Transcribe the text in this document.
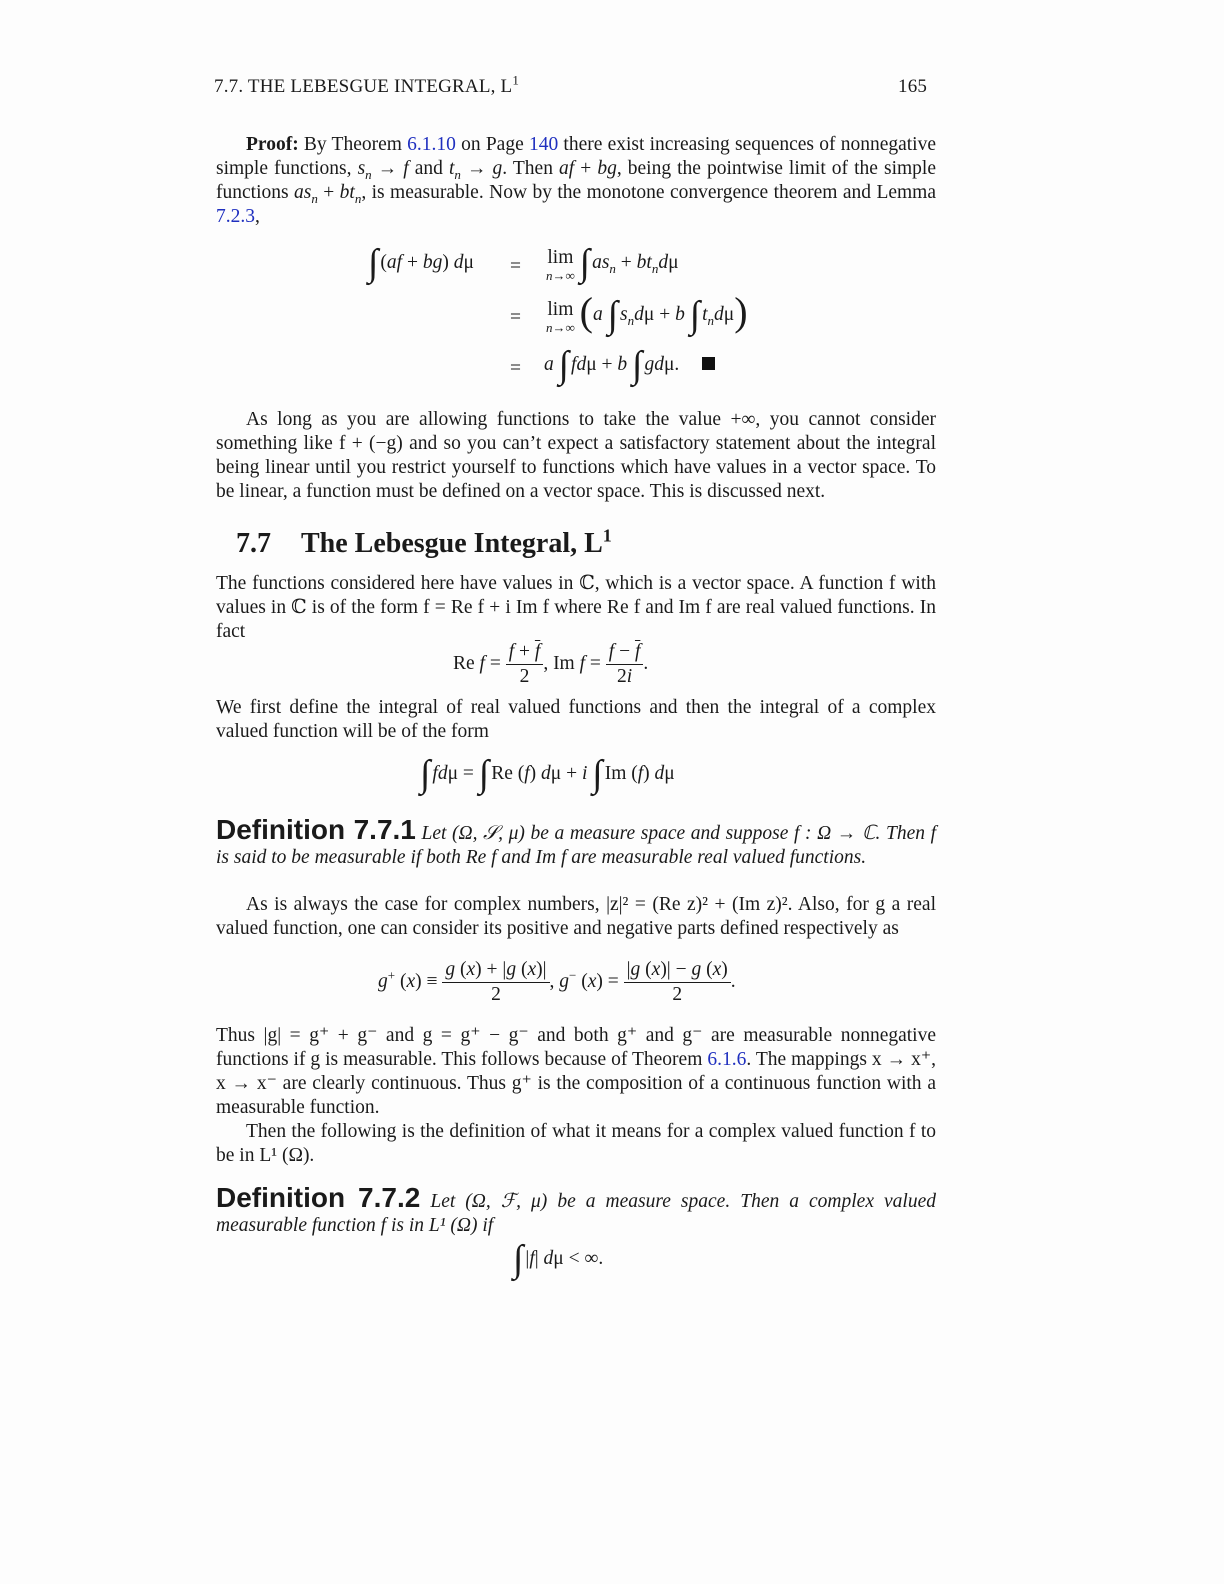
7.7. THE LEBESGUE INTEGRAL, $L^1$	165
Proof: By Theorem 6.1.10 on Page 140 there exist increasing sequences of nonnegative simple functions, $s_n \to f$ and $t_n \to g$. Then af + bg, being the pointwise limit of the simple functions $as_n + bt_n$, is measurable. Now by the monotone convergence theorem and Lemma 7.2.3,
∫ (af + bg) dμ = lim
n→∞ ∫ $as_n + bt_nd\mu$
= lim
n→∞ (a ∫ $s_nd\mu + b$ ∫ $t_nd\mu$)
= a ∫ fdμ + b ∫ gdμ.
As long as you are allowing functions to take the value +∞, you cannot consider something like f + (−g) and so you can’t expect a satisfactory statement about the integral being linear until you restrict yourself to functions which have values in a vector space. To be linear, a function must be defined on a vector space. This is discussed next.
7.7 The Lebesgue Integral, $L^1$
The functions considered here have values in ℂ, which is a vector space. A function f with values in ℂ is of the form f = Re f + i Im f where Re f and Im f are real valued functions. In fact
Re $f = \frac{f + \overline{f}}{2}$ , Im $f = \frac{f - \overline{f}}{2i}$ .
We first define the integral of real valued functions and then the integral of a complex valued function will be of the form
∫ fdμ = ∫ Re (f) dμ + i ∫ Im (f) dμ
Definition 7.7.1 Let (Ω, 𝒮, μ) be a measure space and suppose f : Ω → ℂ. Then f is said to be measurable if both Re f and Im f are measurable real valued functions.
As is always the case for complex numbers, |z|² = (Re z)² + (Im z)². Also, for g a real valued function, one can consider its positive and negative parts defined respectively as
g+ $(x) \equiv \frac{g (x) + |g (x)|}{2}$ , g− $(x) = \frac{|g (x)| - g (x)}{2}$ .
Thus |g| = g⁺ + g⁻ and g = g⁺ − g⁻ and both g⁺ and g⁻ are measurable nonnegative functions if g is measurable. This follows because of Theorem 6.1.6. The mappings x → x⁺, x → x⁻ are clearly continuous. Thus g⁺ is the composition of a continuous function with a measurable function.
Then the following is the definition of what it means for a complex valued function f to be in L¹ (Ω).
Definition 7.7.2 Let (Ω, ℱ, μ) be a measure space. Then a complex valued measurable function f is in L¹ (Ω) if
∫ |f| dμ < ∞.
